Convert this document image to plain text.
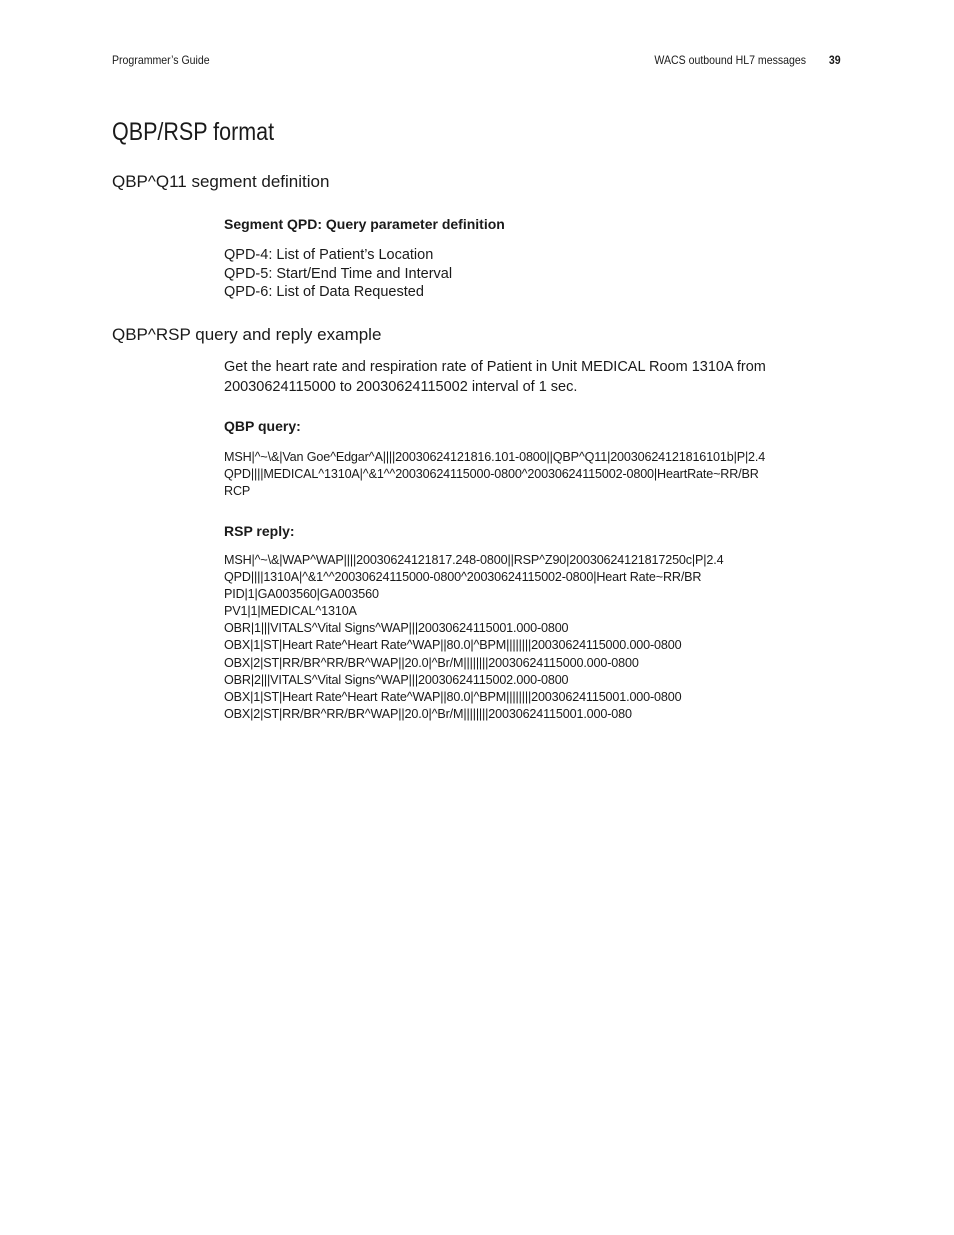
Programmer’s Guide	WACS outbound HL7 messages 39
QBP/RSP format
QBP^Q11 segment definition
Segment QPD: Query parameter definition
QPD-4: List of Patient’s Location
QPD-5: Start/End Time and Interval
QPD-6: List of Data Requested
QBP^RSP query and reply example
Get the heart rate and respiration rate of Patient in Unit MEDICAL Room 1310A from
20030624115000 to 20030624115002 interval of 1 sec.
QBP query:
MSH|^~\&|Van Goe^Edgar^A||||20030624121816.101-0800||QBP^Q11|20030624121816101b|P|2.4
QPD||||MEDICAL^1310A|^&1^^20030624115000-0800^20030624115002-0800|HeartRate~RR/BR
RCP
RSP reply:
MSH|^~\&|WAP^WAP||||20030624121817.248-0800||RSP^Z90|20030624121817250c|P|2.4
QPD||||1310A|^&1^^20030624115000-0800^20030624115002-0800|Heart Rate~RR/BR
PID|1|GA003560|GA003560
PV1|1|MEDICAL^1310A
OBR|1|||VITALS^Vital Signs^WAP|||20030624115001.000-0800
OBX|1|ST|Heart Rate^Heart Rate^WAP||80.0|^BPM||||||||20030624115000.000-0800
OBX|2|ST|RR/BR^RR/BR^WAP||20.0|^Br/M||||||||20030624115000.000-0800
OBR|2|||VITALS^Vital Signs^WAP|||20030624115002.000-0800
OBX|1|ST|Heart Rate^Heart Rate^WAP||80.0|^BPM||||||||20030624115001.000-0800
OBX|2|ST|RR/BR^RR/BR^WAP||20.0|^Br/M||||||||20030624115001.000-080
